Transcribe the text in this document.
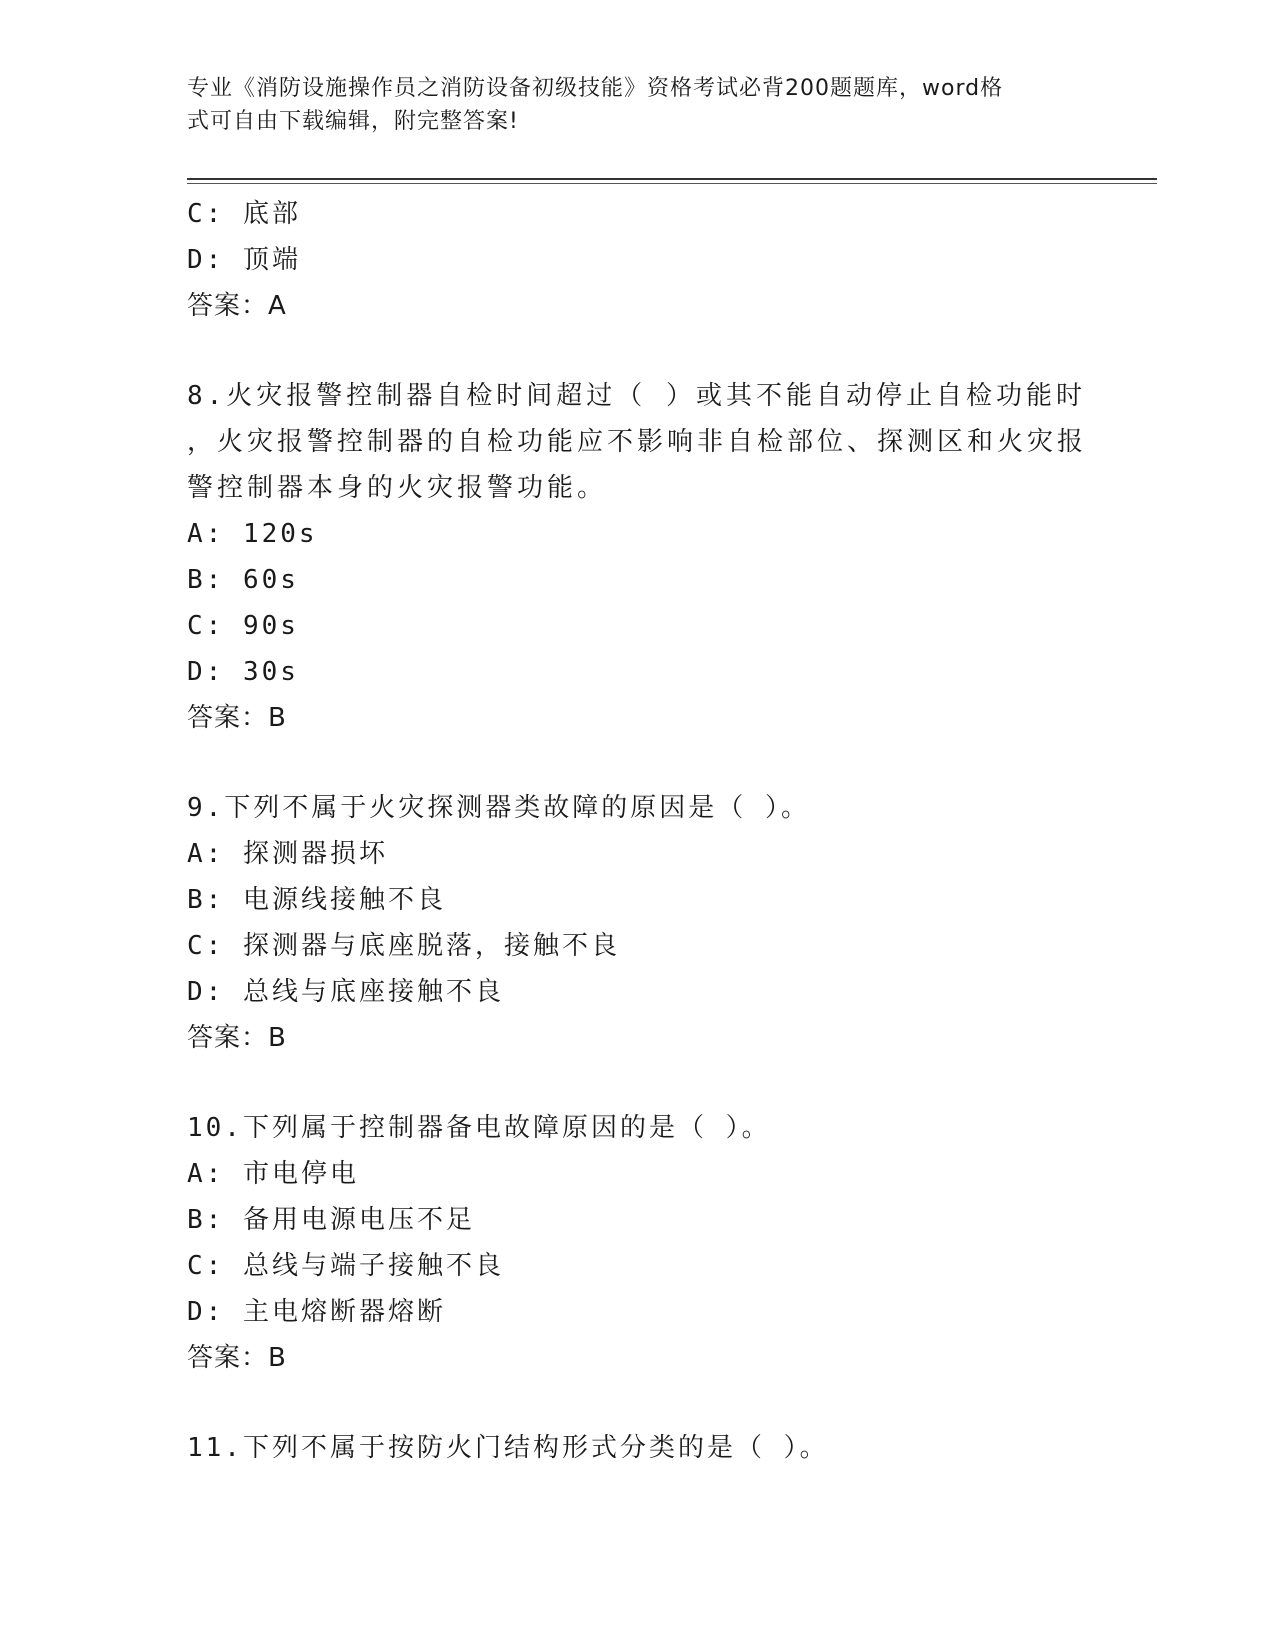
专业《消防设施操作员之消防设备初级技能》资格考试必背200题题库，word格
式可自由下载编辑，附完整答案!
C: 底部
D: 顶端
答案：A
8.火灾报警控制器自检时间超过（ ）或其不能自动停止自检功能时
，火灾报警控制器的自检功能应不影响非自检部位、探测区和火灾报
警控制器本身的火灾报警功能。
A: 120s
B: 60s
C: 90s
D: 30s
答案：B
9.下列不属于火灾探测器类故障的原因是（ ）。
A: 探测器损坏
B: 电源线接触不良
C: 探测器与底座脱落，接触不良
D: 总线与底座接触不良
答案：B
10.下列属于控制器备电故障原因的是（ ）。
A: 市电停电
B: 备用电源电压不足
C: 总线与端子接触不良
D: 主电熔断器熔断
答案：B
11.下列不属于按防火门结构形式分类的是（ ）。
